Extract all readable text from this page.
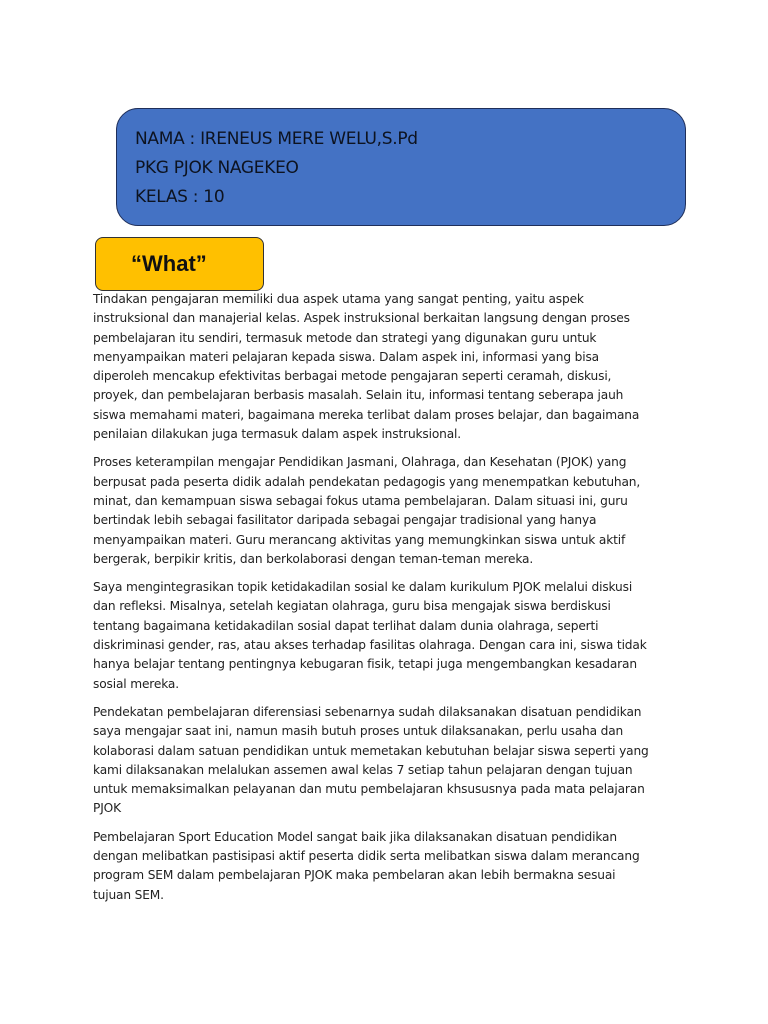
NAMA : IRENEUS MERE WELU,S.Pd
PKG PJOK NAGEKEO
KELAS : 10
“What”

Tindakan pengajaran memiliki dua aspek utama yang sangat penting, yaitu aspek
instruksional dan manajerial kelas. Aspek instruksional berkaitan langsung dengan proses
pembelajaran itu sendiri, termasuk metode dan strategi yang digunakan guru untuk
menyampaikan materi pelajaran kepada siswa. Dalam aspek ini, informasi yang bisa
diperoleh mencakup efektivitas berbagai metode pengajaran seperti ceramah, diskusi,
proyek, dan pembelajaran berbasis masalah. Selain itu, informasi tentang seberapa jauh
siswa memahami materi, bagaimana mereka terlibat dalam proses belajar, dan bagaimana
penilaian dilakukan juga termasuk dalam aspek instruksional.

Proses keterampilan mengajar Pendidikan Jasmani, Olahraga, dan Kesehatan (PJOK) yang
berpusat pada peserta didik adalah pendekatan pedagogis yang menempatkan kebutuhan,
minat, dan kemampuan siswa sebagai fokus utama pembelajaran. Dalam situasi ini, guru
bertindak lebih sebagai fasilitator daripada sebagai pengajar tradisional yang hanya
menyampaikan materi. Guru merancang aktivitas yang memungkinkan siswa untuk aktif
bergerak, berpikir kritis, dan berkolaborasi dengan teman-teman mereka.

Saya mengintegrasikan topik ketidakadilan sosial ke dalam kurikulum PJOK melalui diskusi
dan refleksi. Misalnya, setelah kegiatan olahraga, guru bisa mengajak siswa berdiskusi
tentang bagaimana ketidakadilan sosial dapat terlihat dalam dunia olahraga, seperti
diskriminasi gender, ras, atau akses terhadap fasilitas olahraga. Dengan cara ini, siswa tidak
hanya belajar tentang pentingnya kebugaran fisik, tetapi juga mengembangkan kesadaran
sosial mereka.

Pendekatan pembelajaran diferensiasi sebenarnya sudah dilaksanakan disatuan pendidikan
saya mengajar saat ini, namun masih butuh proses untuk dilaksanakan, perlu usaha dan
kolaborasi dalam satuan pendidikan untuk memetakan kebutuhan belajar siswa seperti yang
kami dilaksanakan melalukan assemen awal kelas 7 setiap tahun pelajaran dengan tujuan
untuk memaksimalkan pelayanan dan mutu pembelajaran khsususnya pada mata pelajaran
PJOK

Pembelajaran Sport Education Model sangat baik jika dilaksanakan disatuan pendidikan
dengan melibatkan pastisipasi aktif peserta didik serta melibatkan siswa dalam merancang
program SEM dalam pembelajaran PJOK maka pembelaran akan lebih bermakna sesuai
tujuan SEM.
